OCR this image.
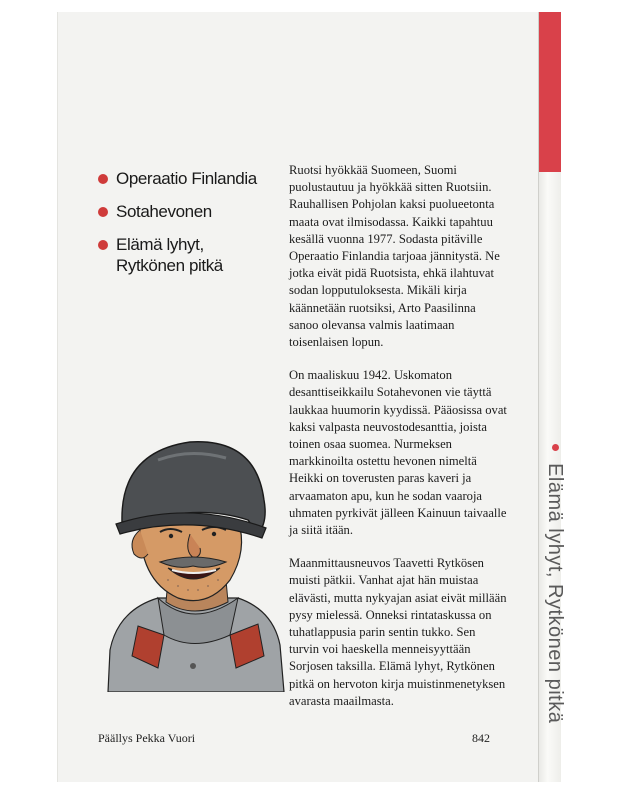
Elämä lyhyt, Rytkönen pitkä
Operaatio Finlandia
Sotahevonen
Elämä lyhyt, Rytkönen pitkä

Ruotsi hyökkää Suomeen, Suomi puolustautuu ja hyökkää sitten Ruotsiin. Rauhallisen Pohjolan kaksi puolueetonta maata ovat ilmisodassa. Kaikki tapahtuu kesällä vuonna 1977. Sodasta pitäville Operaatio Finlandia tarjoaa jännitystä. Ne jotka eivät pidä Ruotsista, ehkä ilahtuvat sodan lopputuloksesta. Mikäli kirja käännetään ruotsiksi, Arto Paasilinna sanoo olevansa valmis laatimaan toisenlaisen lopun.

On maaliskuu 1942. Uskomaton desanttiseikkailu Sotahevonen vie täyttä laukkaa huumorin kyydissä. Pääosissa ovat kaksi valpasta neuvostodesanttia, joista toinen osaa suomea. Nurmeksen markkinoilta ostettu hevonen nimeltä Heikki on toverusten paras kaveri ja arvaamaton apu, kun he sodan vaaroja uhmaten pyrkivät jälleen Kainuun taivaalle ja siitä itään.

Maanmittausneuvos Taavetti Rytkösen muisti pätkii. Vanhat ajat hän muistaa elävästi, mutta nykyajan asiat eivät millään pysy mielessä. Onneksi rintataskussa on tuhatlappusia parin sentin tukko. Sen turvin voi haeskella menneisyyttään Sorjosen taksilla. Elämä lyhyt, Rytkönen pitkä on hervoton kirja muistinmenetyksen avarasta maailmasta.

Päällys Pekka Vuori	842
